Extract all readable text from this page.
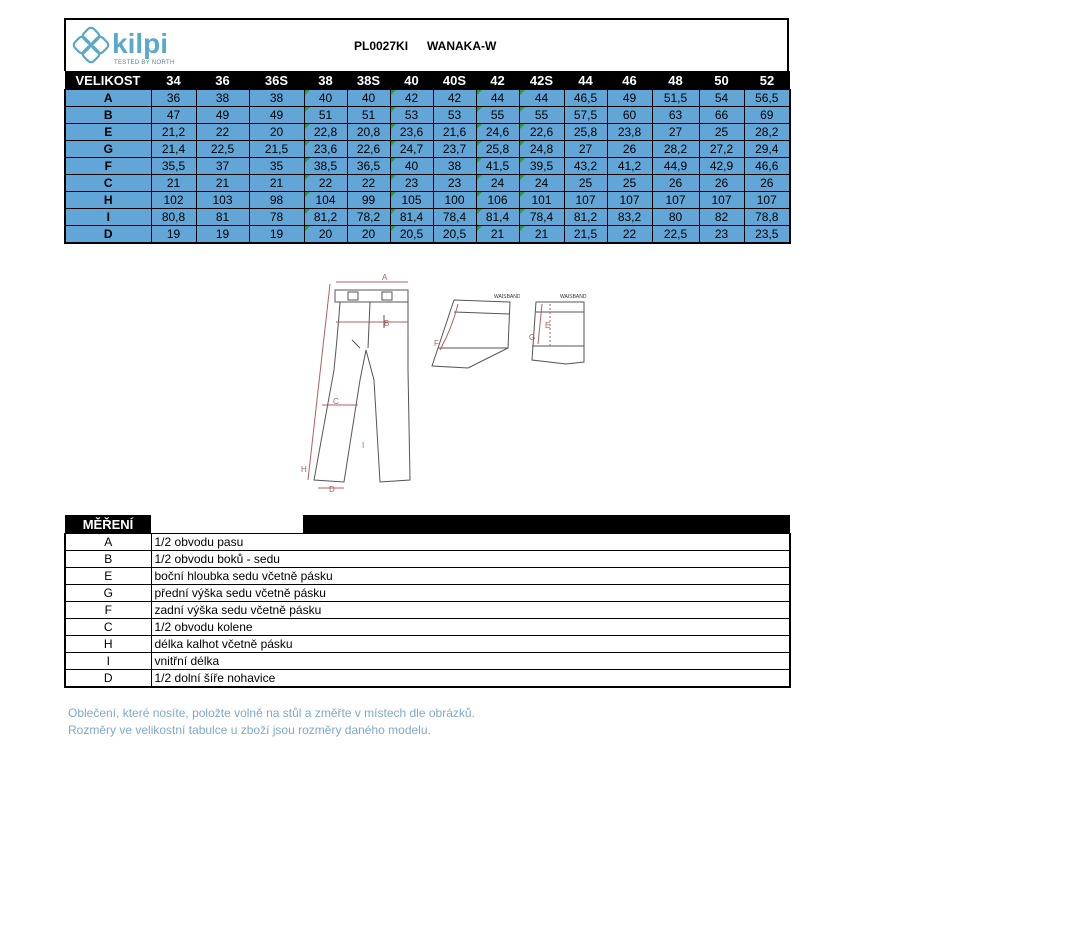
kilpi
TESTED BY NORTH
PL0027KI WANAKA-W
VELIKOST	34	36	36S	38	38S	40	40S	42	42S	44	46	48	50	52
A	36	38	38	40	40	42	42	44	44	46,5	49	51,5	54	56,5
B	47	49	49	51	51	53	53	55	55	57,5	60	63	66	69
E	21,2	22	20	22,8	20,8	23,6	21,6	24,6	22,6	25,8	23,8	27	25	28,2
G	21,4	22,5	21,5	23,6	22,6	24,7	23,7	25,8	24,8	27	26	28,2	27,2	29,4
F	35,5	37	35	38,5	36,5	40	38	41,5	39,5	43,2	41,2	44,9	42,9	46,6
C	21	21	21	22	22	23	23	24	24	25	25	26	26	26
H	102	103	98	104	99	105	100	106	101	107	107	107	107	107
I	80,8	81	78	81,2	78,2	81,4	78,4	81,4	78,4	81,2	83,2	80	82	78,8
D	19	19	19	20	20	20,5	20,5	21	21	21,5	22	22,5	23	23,5
A
B
C
D
H
I
F
WAISBAND
G
E
WAISBAND
MĚŘENÍ		
A	1/2 obvodu pasu	
B	1/2 obvodu boků - sedu	
E	boční hloubka sedu včetně pásku	
G	přední výška sedu včetně pásku	
F	zadní výška sedu včetně pásku	
C	1/2 obvodu kolene	
H	délka kalhot včetně pásku	
I	vnitřní délka	
D	1/2 dolní šíře nohavice	
Oblečení, které nosíte, položte volně na stůl a změřte v místech dle obrázků.
Rozměry ve velikostní tabulce u zboží jsou rozměry daného modelu.
